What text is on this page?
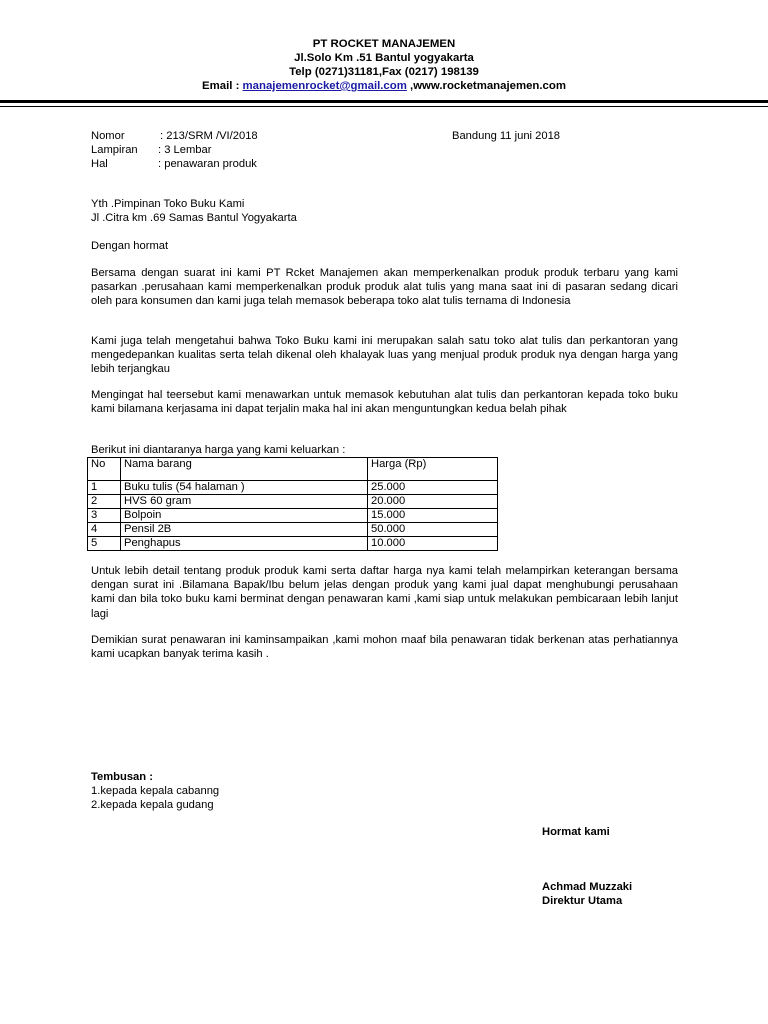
PT ROCKET MANAJEMEN
Jl.Solo Km .51 Bantul yogyakarta
Telp (0271)31181,Fax (0217) 198139
Email : manajemenrocket@gmail.com ,www.rocketmanajemen.com
Nomor	: 213/SRM /VI/2018	Bandung 11 juni 2018
Lampiran : 3 Lembar
Hal	: penawaran produk
Yth .Pimpinan Toko Buku Kami
Jl .Citra km .69 Samas Bantul Yogyakarta
Dengan hormat

Bersama dengan suarat ini kami PT Rcket Manajemen akan memperkenalkan produk produk terbaru yang kami pasarkan .perusahaan kami memperkenalkan produk produk alat tulis yang mana saat ini di pasaran sedang dicari oleh para konsumen dan kami juga telah memasok beberapa toko alat tulis ternama di Indonesia

Kami juga telah mengetahui bahwa Toko Buku kami ini merupakan salah satu toko alat tulis dan perkantoran yang mengedepankan kualitas serta telah dikenal oleh khalayak luas yang menjual produk produk nya dengan harga yang lebih terjangkau

Mengingat hal teersebut kami menawarkan untuk memasok kebutuhan alat tulis dan perkantoran kepada toko buku kami bilamana kerjasama ini dapat terjalin maka hal ini akan menguntungkan kedua belah pihak

Berikut ini diantaranya harga yang kami keluarkan :
No	Nama barang	Harga (Rp)
1	Buku tulis (54 halaman )	25.000
2	HVS 60 gram	20.000
3	Bolpoin	15.000
4	Pensil 2B	50.000
5	Penghapus	10.000

Untuk lebih detail tentang produk produk kami serta daftar harga nya kami telah melampirkan keterangan bersama dengan surat ini .Bilamana Bapak/Ibu belum jelas dengan produk yang kami jual dapat menghubungi perusahaan kami dan bila toko buku kami berminat dengan penawaran kami ,kami siap untuk melakukan pembicaraan lebih lanjut lagi

Demikian surat penawaran ini kaminsampaikan ,kami mohon maaf bila penawaran tidak berkenan atas perhatiannya kami ucapkan banyak terima kasih .

Tembusan :
1.kepada kepala cabanng
2.kepada kepala gudang
Hormat kami
Achmad Muzzaki
Direktur Utama
